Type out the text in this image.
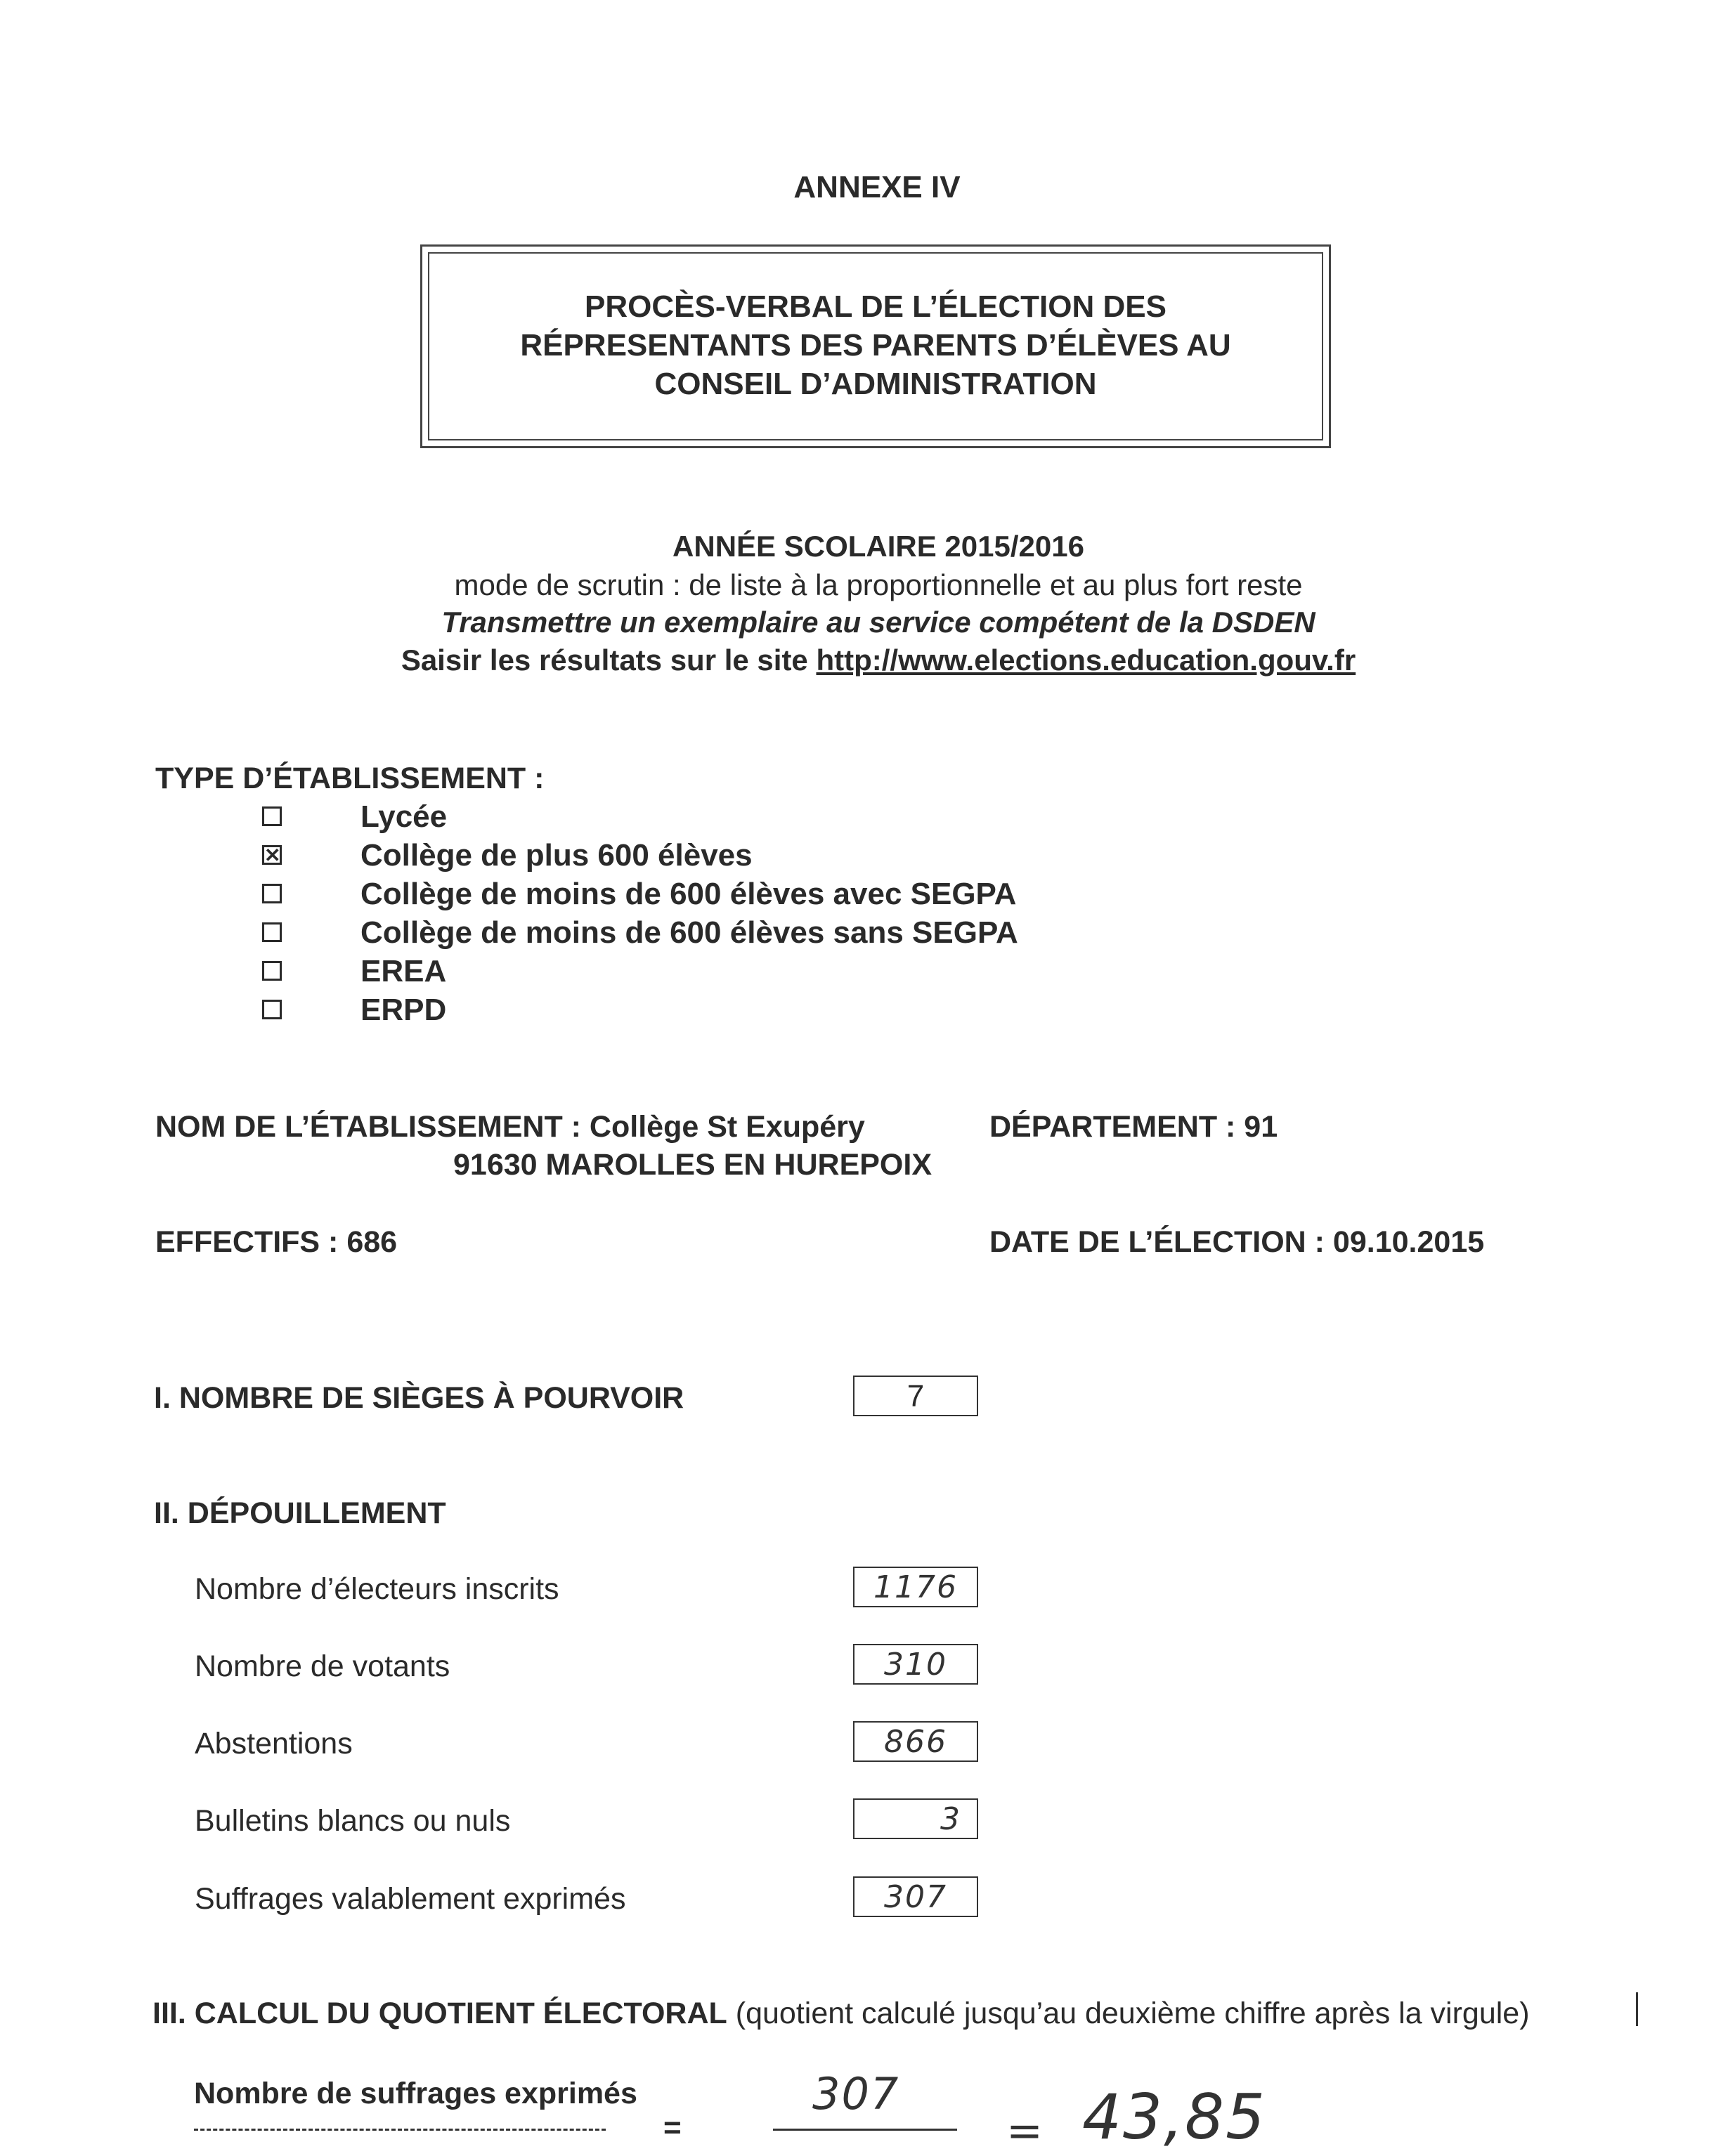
ANNEXE IV
PROCÈS-VERBAL DE L’ÉLECTION DES
RÉPRESENTANTS DES PARENTS D’ÉLÈVES AU
CONSEIL D’ADMINISTRATION
ANNÉE SCOLAIRE 2015/2016
mode de scrutin : de liste à la proportionnelle et au plus fort reste
Transmettre un exemplaire au service compétent de la DSDEN
Saisir les résultats sur le site http://www.elections.education.gouv.fr
TYPE D’ÉTABLISSEMENT :
Lycée
✕	Collège de plus 600 élèves
Collège de moins de 600 élèves avec SEGPA
Collège de moins de 600 élèves sans SEGPA
EREA
ERPD
NOM DE L’ÉTABLISSEMENT : Collège St Exupéry
91630 MAROLLES EN HUREPOIX
DÉPARTEMENT : 91
EFFECTIFS : 686	DATE DE L’ÉLECTION : 09.10.2015
I. NOMBRE DE SIÈGES À POURVOIR	7
II. DÉPOUILLEMENT
Nombre d’électeurs inscrits	1176
Nombre de votants	310
Abstentions	866
Bulletins blancs ou nuls	3
Suffrages valablement exprimés	307
III. CALCUL DU QUOTIENT ÉLECTORAL (quotient calculé jusqu’au deuxième chiffre après la virgule)
Nombre de suffrages exprimés
=
307
= 43,85
